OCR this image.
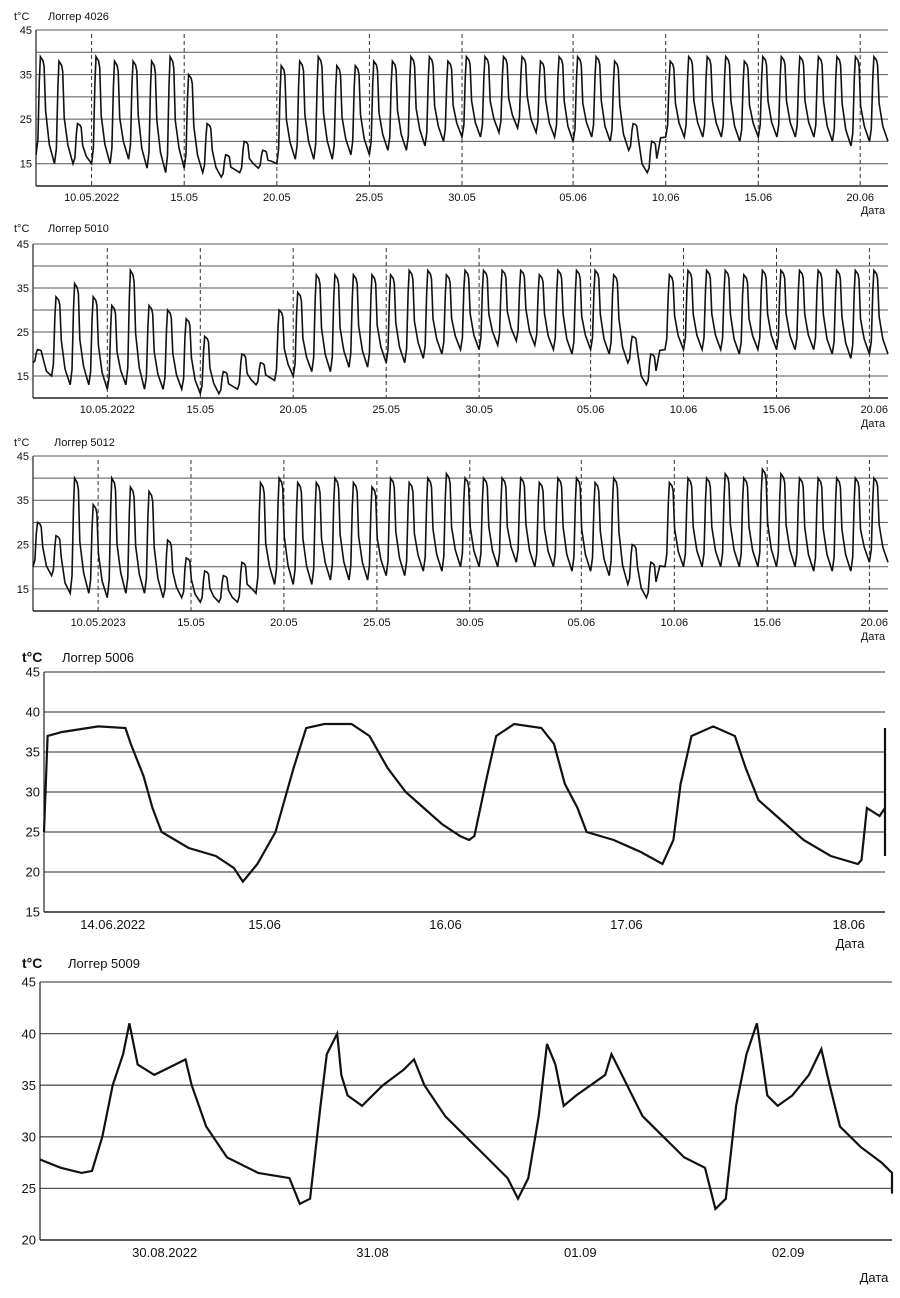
t°C Логгер 4026
15
25
35
45
10.05.2022	15.05	20.05	25.05	30.05	05.06	10.06	15.06	20.06
Дата
t°C Логгер 5010
15
25
35
45
10.05.2022	15.05	20.05	25.05	30.05	05.06	10.06	15.06	20.06
Дата
t°C Логгер 5012
15
25
35
45
10.05.2023	15.05	20.05	25.05	30.05	05.06	10.06	15.06	20.06
Дата
t°C Логгер 5006
15
20
25
30
35
40
45
14.06.2022	15.06	16.06	17.06	18.06
Дата
t°C Логгер 5009
20
25
30
35
40
45
30.08.2022	31.08	01.09	02.09
Дата
